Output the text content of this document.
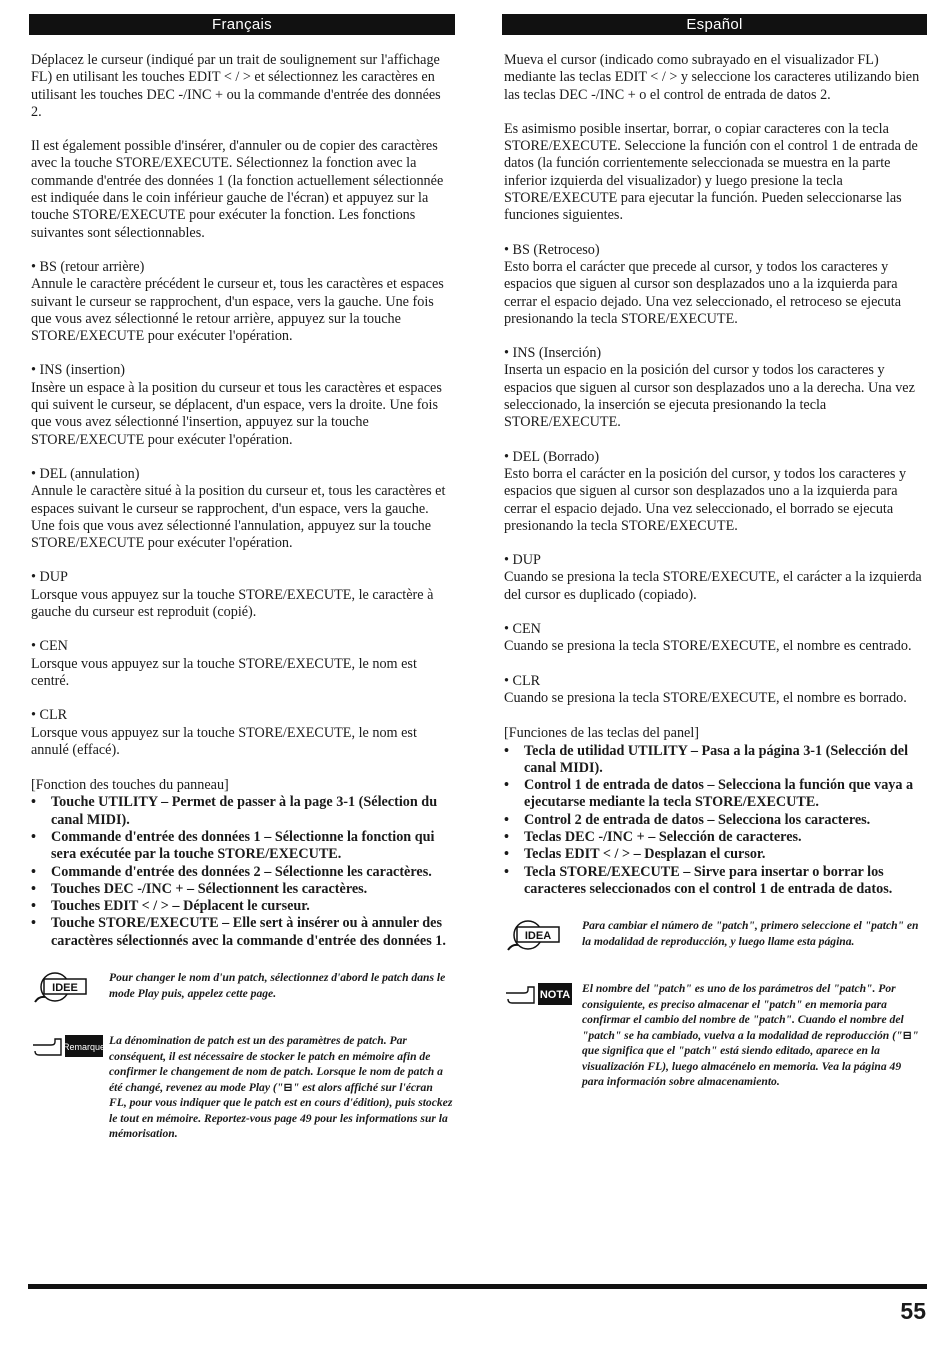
Français

Déplacez le curseur (indiqué par un trait de soulignement sur l'affichage FL) en utilisant les touches EDIT < / > et sélectionnez les caractères en utilisant les touches DEC -/INC + ou la commande d'entrée des données 2.

Il est également possible d'insérer, d'annuler ou de copier des caractères avec la touche STORE/EXECUTE. Sélectionnez la fonction avec la commande d'entrée des données 1 (la fonction actuellement sélectionnée est indiquée dans le coin inférieur gauche de l'écran) et appuyez sur la touche STORE/EXECUTE pour exécuter la fonction. Les fonctions suivantes sont sélectionnables.

• BS (retour arrière)

Annule le caractère précédent le curseur et, tous les caractères et espaces suivant le curseur se rapprochent, d'un espace, vers la gauche. Une fois que vous avez sélectionné le retour arrière, appuyez sur la touche STORE/EXECUTE pour exécuter l'opération.

• INS (insertion)

Insère un espace à la position du curseur et tous les caractères et espaces qui suivent le curseur, se déplacent, d'un espace, vers la droite. Une fois que vous avez sélectionné l'insertion, appuyez sur la touche STORE/EXECUTE pour exécuter l'opération.

• DEL (annulation)

Annule le caractère situé à la position du curseur et, tous les caractères et espaces suivant le curseur se rapprochent, d'un espace, vers la gauche. Une fois que vous avez sélectionné l'annulation, appuyez sur la touche STORE/EXECUTE pour exécuter l'opération.

• DUP

Lorsque vous appuyez sur la touche STORE/EXECUTE, le caractère à gauche du curseur est reproduit (copié).

• CEN

Lorsque vous appuyez sur la touche STORE/EXECUTE, le nom est centré.

• CLR

Lorsque vous appuyez sur la touche STORE/EXECUTE, le nom est annulé (effacé).

[Fonction des touches du panneau]

• Touche UTILITY – Permet de passer à la page 3-1 (Sélection du canal MIDI).
• Commande d'entrée des données 1 – Sélectionne la fonction qui sera exécutée par la touche STORE/EXECUTE.
• Commande d'entrée des données 2 – Sélectionne les caractères.
• Touches DEC -/INC + – Sélectionnent les caractères.
• Touches EDIT < / > – Déplacent le curseur.
• Touche STORE/EXECUTE – Elle sert à insérer ou à annuler des caractères sélectionnés avec la commande d'entrée des données 1.
IDEE
Pour changer le nom d'un patch, sélectionnez d'abord le patch dans le mode Play puis, appelez cette page.
Remarque La dénomination de patch est un des paramètres de patch. Par conséquent, il est nécessaire de stocker le patch en mémoire afin de confirmer le changement de nom de patch. Lorsque le nom de patch a été changé, revenez au mode Play ("⊟" est alors affiché sur l'écran FL, pour vous indiquer que le patch est en cours d'édition), puis stockez le tout en mémoire. Reportez-vous page 49 pour les informations sur la mémorisation.
Español

Mueva el cursor (indicado como subrayado en el visualizador FL) mediante las teclas EDIT < / > y seleccione los caracteres utilizando bien las teclas DEC -/INC + o el control de entrada de datos 2.

Es asimismo posible insertar, borrar, o copiar caracteres con la tecla STORE/EXECUTE. Seleccione la función con el control 1 de entrada de datos (la función corrientemente seleccionada se muestra en la parte inferior izquierda del visualizador) y luego presione la tecla STORE/EXECUTE para ejecutar la función. Pueden seleccionarse las funciones siguientes.

• BS (Retroceso)

Esto borra el carácter que precede al cursor, y todos los caracteres y espacios que siguen al cursor son desplazados uno a la izquierda para cerrar el espacio dejado. Una vez seleccionado, el retroceso se ejecuta presionando la tecla STORE/EXECUTE.

• INS (Inserción)

Inserta un espacio en la posición del cursor y todos los caracteres y espacios que siguen al cursor son desplazados uno a la derecha. Una vez seleccionado, la inserción se ejecuta presionando la tecla STORE/EXECUTE.

• DEL (Borrado)

Esto borra el carácter en la posición del cursor, y todos los caracteres y espacios que siguen al cursor son desplazados uno a la izquierda para cerrar el espacio dejado. Una vez seleccionado, el borrado se ejecuta presionando la tecla STORE/EXECUTE.

• DUP

Cuando se presiona la tecla STORE/EXECUTE, el carácter a la izquierda del cursor es duplicado (copiado).

• CEN

Cuando se presiona la tecla STORE/EXECUTE, el nombre es centrado.

• CLR

Cuando se presiona la tecla STORE/EXECUTE, el nombre es borrado.

[Funciones de las teclas del panel]

• Tecla de utilidad UTILITY – Pasa a la página 3-1 (Selección del canal MIDI).
• Control 1 de entrada de datos – Selecciona la función que vaya a ejecutarse mediante la tecla STORE/EXECUTE.
• Control 2 de entrada de datos – Selecciona los caracteres.
• Teclas DEC -/INC + – Selección de caracteres.
• Teclas EDIT < / > – Desplazan el cursor.
• Tecla STORE/EXECUTE – Sirve para insertar o borrar los caracteres seleccionados con el control 1 de entrada de datos.
IDEA
Para cambiar el número de "patch", primero seleccione el "patch" en la modalidad de reproducción, y luego llame esta página.
NOTA El nombre del "patch" es uno de los parámetros del "patch". Por consiguiente, es preciso almacenar el "patch" en memoria para confirmar el cambio del nombre de "patch". Cuando el nombre del "patch" se ha cambiado, vuelva a la modalidad de reproducción ("⊟" que significa que el "patch" está siendo editado, aparece en la visualización FL), luego almacénelo en memoria. Vea la página 49 para información sobre almacenamiento.
55
